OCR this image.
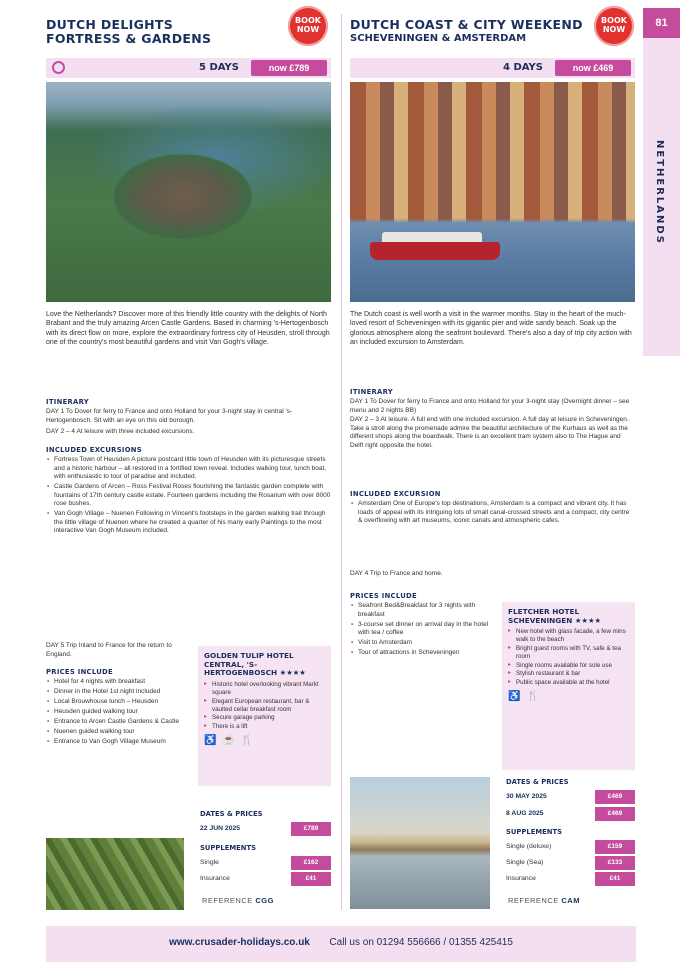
81
NETHERLANDS
DUTCH DELIGHTS
FORTRESS & GARDENS
BOOK NOW
5 DAYS	now £789
Love the Netherlands? Discover more of this friendly little country with the delights of North Brabant and the truly amazing Arcen Castle Gardens. Based in charming 's-Hertogenbosch with its direct flow on more, explore the extraordinary fortress city of Heusden, stroll through one of the country's most beautiful gardens and visit Van Gogh's village.
ITINERARY
DAY 1 To Dover for ferry to France and onto Holland for your 3-night stay in central 's-Hertogenbosch. Sit with an eye on this old borough.
DAY 2 – 4 At leisure with three included excursions.
INCLUDED EXCURSIONS
• Fortress Town of Heusden A picture postcard little town of Heusden with its picturesque streets and a historic harbour – all restored in a fortified town reveal. Includes walking tour, lunch boat, with enthusiastic to tour of paradise and included.
• Castle Gardens of Arcen – Ross Festival Roses flourishing the fantastic garden complete with fountains of 17th century castle estate. Fourteen gardens including the Rosarium with over 8000 rose bushes.
• Van Gogh Village – Nuenen Following in Vincent's footsteps in the garden walking trail through the little village of Nuenen where he created a quarter of his many early Paintings to the most interactive Van Gogh Museum included.
DAY 5 Trip Inland to France for the return to England.
PRICES INCLUDE
• Hotel for 4 nights with breakfast
• Dinner in the Hotel 1st night included
• Local Brouwhouse lunch – Heusden
• Heusden guided walking tour
• Entrance to Arcen Castle Gardens & Castle
• Nuenen guided walking tour
• Entrance to Van Gogh Village Museum
GOLDEN TULIP HOTEL CENTRAL, 'S-HERTOGENBOSCH ★★★★
▸ Historic hotel overlooking vibrant Markt square
▸ Elegant European restaurant, bar & vaulted cellar breakfast room
▸ Secure garage parking
▸ There is a lift
♿ ☕ 🍴
DATES & PRICES
22 JUN 2025	£789
SUPPLEMENTS
Single	£162
Insurance	£41
REFERENCE CGG
DUTCH COAST & CITY WEEKEND
SCHEVENINGEN & AMSTERDAM
BOOK NOW
4 DAYS	now £469
The Dutch coast is well worth a visit in the warmer months. Stay in the heart of the much-loved resort of Scheveningen with its gigantic pier and wide sandy beach. Soak up the glorious atmosphere along the seafront boulevard. There's also a day of trip city action with an included excursion to Amsterdam.
ITINERARY
DAY 1 To Dover for ferry to France and onto Holland for your 3-night stay (Overnight dinner – see menu and 2 nights BB)
DAY 2 – 3 At leisure. A full end with one included excursion. A full day at leisure in Scheveningen. Take a stroll along the promenade admire the beautiful architecture of the Kurhaus as well as the different shops along the boardwalk. There is an excellent tram system also to The Hague and Delft right opposite the hotel.
INCLUDED EXCURSION
• Amsterdam One of Europe's top destinations, Amsterdam is a compact and vibrant city. It has loads of appeal with its intriguing lots of small canal-crossed streets and a compact, city centre & overflowing with art museums, iconic canals and atmospheric cafes.
DAY 4 Trip to France and home.
PRICES INCLUDE
• Seafront Bed&Breakfast for 3 nights with breakfast
• 3-course set dinner on arrival day in the hotel with tea / coffee
• Visit to Amsterdam
• Tour of attractions in Scheveningen
FLETCHER HOTEL SCHEVENINGEN ★★★★
▸ New hotel with glass facade, a few mins walk to the beach
▸ Bright guest rooms with TV, safe & tea room
▸ Single rooms available for sole use
▸ Stylish restaurant & bar
▸ Public space available at the hotel
♿ 🍴
DATES & PRICES
30 MAY 2025	£469
8 AUG 2025	£469
SUPPLEMENTS
Single (deluxe)	£159
Single (Sea)	£133
Insurance	£41
REFERENCE CAM
www.crusader-holidays.co.uk Call us on 01294 556666 / 01355 425415
